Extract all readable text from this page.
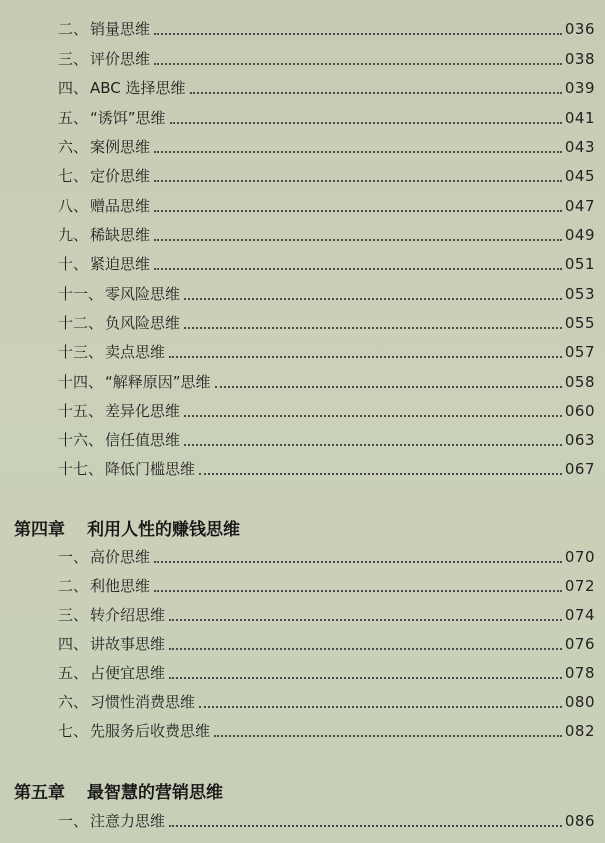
二、 销量思维	036
三、 评价思维	038
四、 ABC 选择思维	039
五、 “诱饵”思维	041
六、 案例思维	043
七、 定价思维	045
八、 赠品思维	047
九、 稀缺思维	049
十、 紧迫思维	051
十一、 零风险思维	053
十二、 负风险思维	055
十三、 卖点思维	057
十四、 “解释原因”思维	058
十五、 差异化思维	060
十六、 信任值思维	063
十七、 降低门槛思维	067
第四章 利用人性的赚钱思维
一、 高价思维	070
二、 利他思维	072
三、 转介绍思维	074
四、 讲故事思维	076
五、 占便宜思维	078
六、 习惯性消费思维	080
七、 先服务后收费思维	082
第五章 最智慧的营销思维
一、 注意力思维	086
